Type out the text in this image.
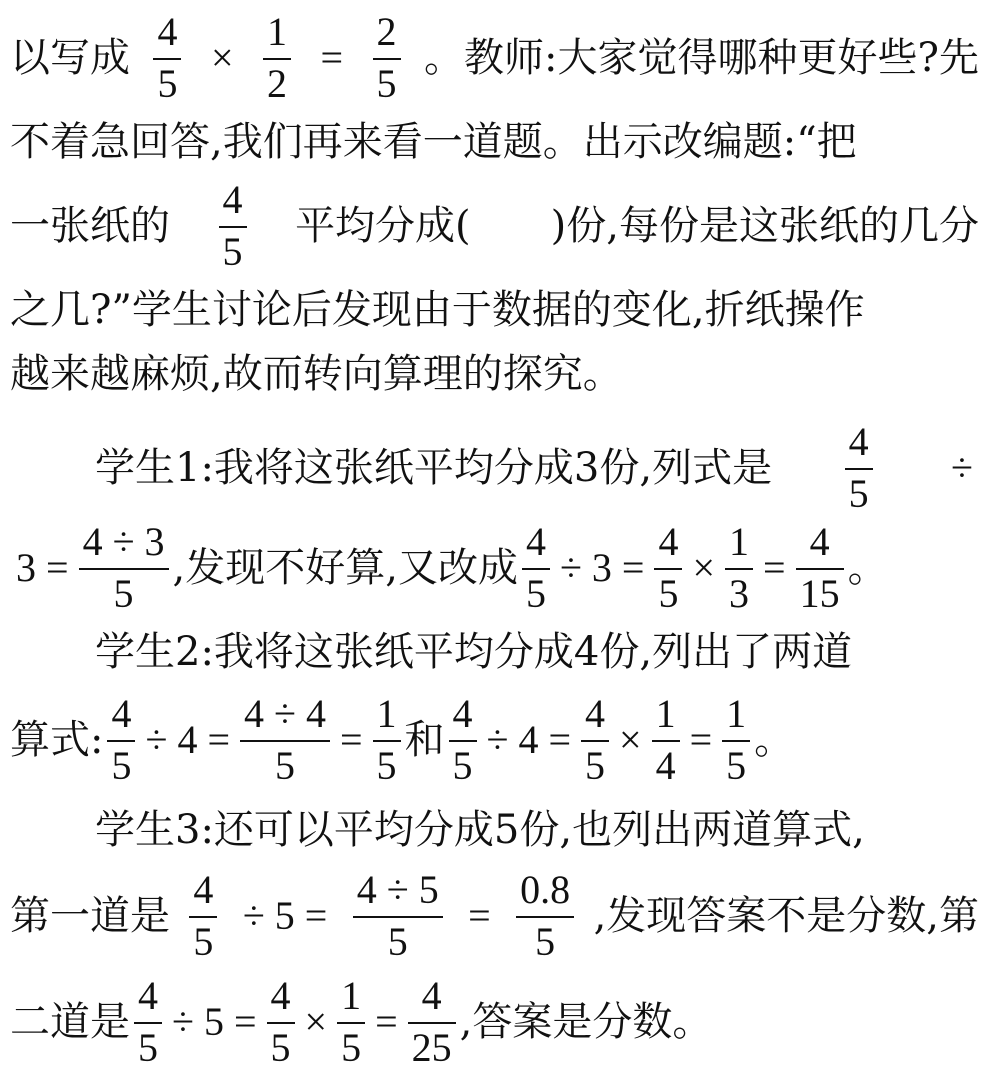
以写成 $\frac{4}{5} \times \frac{1}{2} = \frac{2}{5}$ 。教师:大家觉得哪种更好些?先
不着急回答,我们再来看一道题。出示改编题:“把
一张纸的 $\frac{4}{5}$ 平均分成(　　)份,每份是这张纸的几分
之几?”学生讨论后发现由于数据的变化,折纸操作
越来越麻烦,故而转向算理的探究。
学生1:我将这张纸平均分成3份,列式是 $\frac{4}{5}$ ÷
$3 = \frac{4 \div 3}{5}$ ,发现不好算,又改成 $\frac{4}{5} \div 3 = \frac{4}{5} \times \frac{1}{3} = \frac{4}{15}$ 。
学生2:我将这张纸平均分成4份,列出了两道
算式: $\frac{4}{5} \div 4 = \frac{4 \div 4}{5} = \frac{1}{5}$ 和 $\frac{4}{5} \div 4 = \frac{4}{5} \times \frac{1}{4} = \frac{1}{5}$ 。
学生3:还可以平均分成5份,也列出两道算式,
第一道是 $\frac{4}{5} \div 5 = \frac{4 \div 5}{5} = \frac{0.8}{5}$ ,发现答案不是分数,第
二道是 $\frac{4}{5} \div 5 = \frac{4}{5} \times \frac{1}{5} = \frac{4}{25}$ ,答案是分数。
